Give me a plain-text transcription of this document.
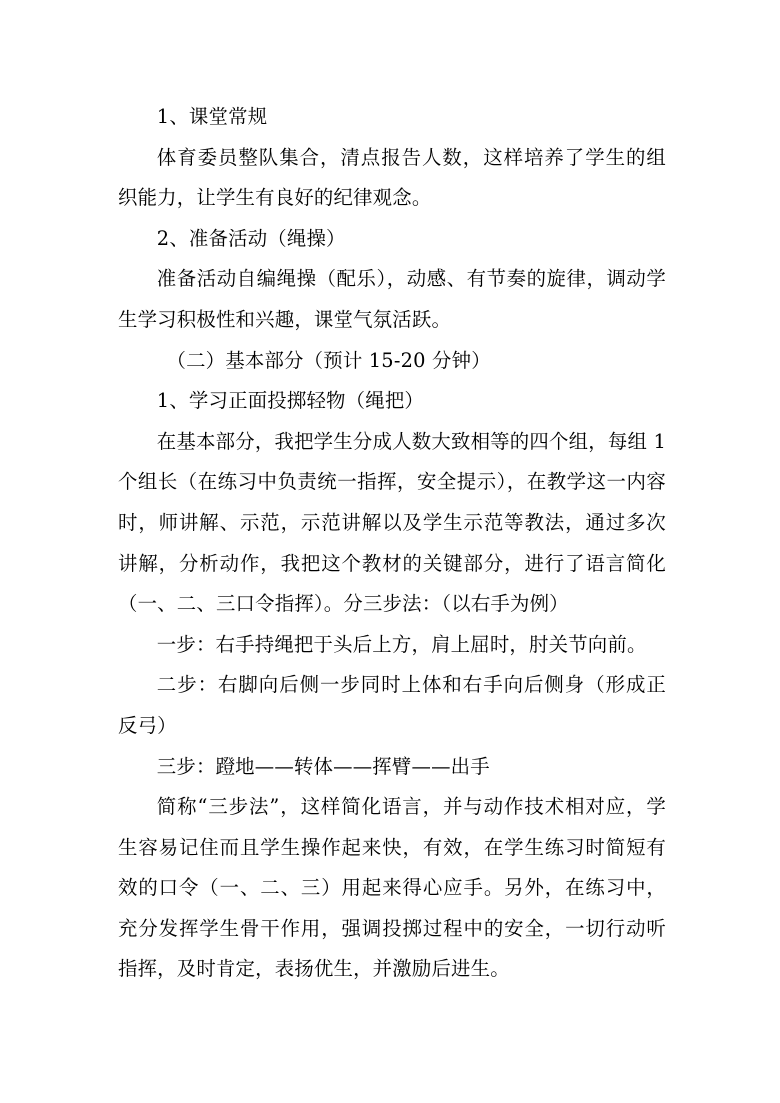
1、课堂常规

体育委员整队集合，清点报告人数，这样培养了学生的组织能力，让学生有良好的纪律观念。

2、准备活动（绳操）

准备活动自编绳操（配乐），动感、有节奏的旋律，调动学生学习积极性和兴趣，课堂气氛活跃。

（二）基本部分（预计 15-20 分钟）

1、学习正面投掷轻物（绳把）

在基本部分，我把学生分成人数大致相等的四个组，每组 1 个组长（在练习中负责统一指挥，安全提示），在教学这一内容时，师讲解、示范，示范讲解以及学生示范等教法，通过多次讲解，分析动作，我把这个教材的关键部分，进行了语言简化（一、二、三口令指挥）。分三步法：（以右手为例）

一步：右手持绳把于头后上方，肩上屈时，肘关节向前。

二步：右脚向后侧一步同时上体和右手向后侧身（形成正反弓）

三步：蹬地——转体——挥臂——出手

简称“三步法”，这样简化语言，并与动作技术相对应，学生容易记住而且学生操作起来快，有效，在学生练习时简短有效的口令（一、二、三）用起来得心应手。另外，在练习中，充分发挥学生骨干作用，强调投掷过程中的安全，一切行动听指挥，及时肯定，表扬优生，并激励后进生。
